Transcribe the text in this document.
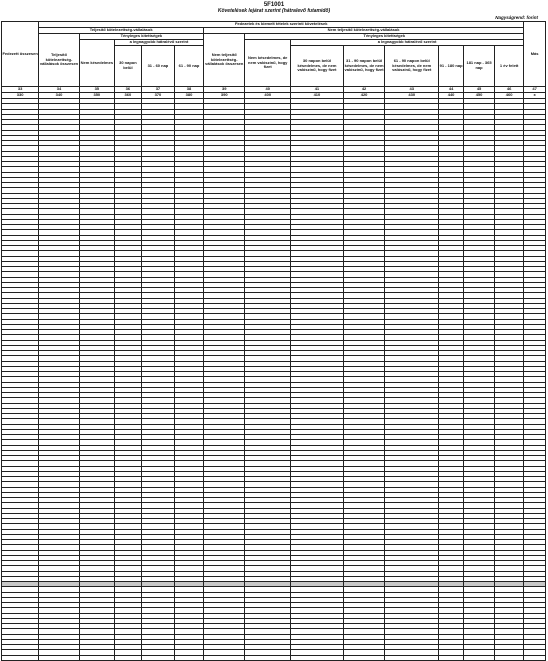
5F1001
Követelések lejárat szerint (hátralevő futamidő)
Nagyságrend: forint
Fedezett összesen	Fedezetek és kiemelt tételek szerinti követelések													Más
	Teljesítő kötelezettség-vállalások					Nem teljesítő kötelezettség-vállalások								
	Teljesítő kötelezettség-vállalások összesen	Tényleges kitettségek				Nem teljesítő kötelezettség-vállalások összesen	Tényleges kitettségek							
		Nem késedelmes	a legnagyobb hátralévő szerint				Nem késedelmes, de nem valószínű, hogy fizet	a legnagyobb hátralévő szerint						
			30 napon belül	31 - 60 nap	61 - 90 nap			30 napon belül késedelmes, de nem valószínű, hogy fizet	31 - 90 napon belül késedelmes, de nem valószínű, hogy fizet	61 - 90 napon belül késedelmes, de nem valószínű, hogy fizet	91 - 180 nap	181 nap - 365 nap	1 év felett	

33	34	35	36	37	38	39	40	41	42	43	44	45	46	47
330	340	350	360	370	380	390	400	410	420	430	440	450	460	x
